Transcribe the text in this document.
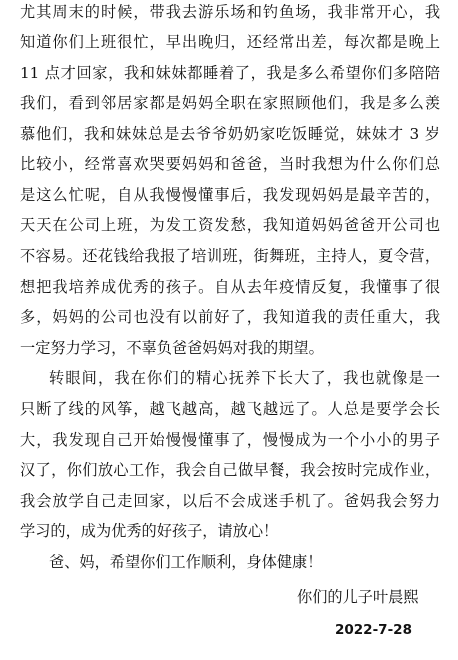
尤其周末的时候，带我去游乐场和钓鱼场，我非常开心，我
知道你们上班很忙，早出晚归，还经常出差，每次都是晚上
11 点才回家，我和妹妹都睡着了，我是多么希望你们多陪陪
我们，看到邻居家都是妈妈全职在家照顾他们，我是多么羡
慕他们，我和妹妹总是去爷爷奶奶家吃饭睡觉，妹妹才 3 岁
比较小，经常喜欢哭要妈妈和爸爸，当时我想为什么你们总
是这么忙呢，自从我慢慢懂事后，我发现妈妈是最辛苦的，
天天在公司上班，为发工资发愁，我知道妈妈爸爸开公司也
不容易。还花钱给我报了培训班，街舞班，主持人，夏令营，
想把我培养成优秀的孩子。自从去年疫情反复，我懂事了很
多，妈妈的公司也没有以前好了，我知道我的责任重大，我
一定努力学习，不辜负爸爸妈妈对我的期望。
转眼间，我在你们的精心抚养下长大了，我也就像是一
只断了线的风筝，越飞越高，越飞越远了。人总是要学会长
大，我发现自己开始慢慢懂事了，慢慢成为一个小小的男子
汉了，你们放心工作，我会自己做早餐，我会按时完成作业，
我会放学自己走回家，以后不会成迷手机了。爸妈我会努力
学习的，成为优秀的好孩子，请放心！
爸、妈，希望你们工作顺利，身体健康！
你们的儿子叶晨熙
2022-7-28
